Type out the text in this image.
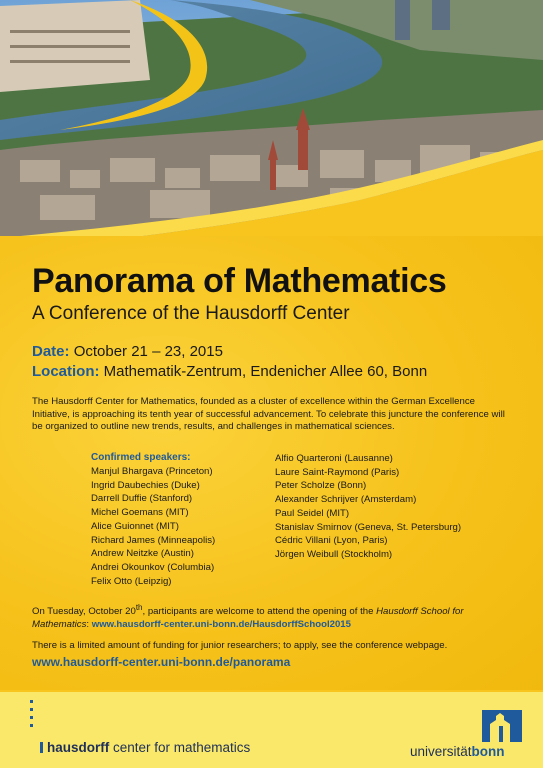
Panorama of Mathematics
A Conference of the Hausdorff Center
Date: October 21 – 23, 2015
Location: Mathematik-Zentrum, Endenicher Allee 60, Bonn

The Hausdorff Center for Mathematics, founded as a cluster of excellence within the German Excellence Initiative, is approaching its tenth year of successful advancement. To celebrate this juncture the conference will be organized to outline new trends, results, and challenges in mathematical sciences.

Confirmed speakers:
Manjul Bhargava (Princeton)
Ingrid Daubechies (Duke)
Darrell Duffie (Stanford)
Michel Goemans (MIT)
Alice Guionnet (MIT)
Richard James (Minneapolis)
Andrew Neitzke (Austin)
Andrei Okounkov (Columbia)
Felix Otto (Leipzig)
Alfio Quarteroni (Lausanne)
Laure Saint-Raymond (Paris)
Peter Scholze (Bonn)
Alexander Schrijver (Amsterdam)
Paul Seidel (MIT)
Stanislav Smirnov (Geneva, St. Petersburg)
Cédric Villani (Lyon, Paris)
Jörgen Weibull (Stockholm)

On Tuesday, October 20th, participants are welcome to attend the opening of the Hausdorff School for Mathematics: www.hausdorff-center.uni-bonn.de/HausdorffSchool2015

There is a limited amount of funding for junior researchers; to apply, see the conference webpage.

www.hausdorff-center.uni-bonn.de/panorama
hausdorff center for mathematics	universitätbonn
